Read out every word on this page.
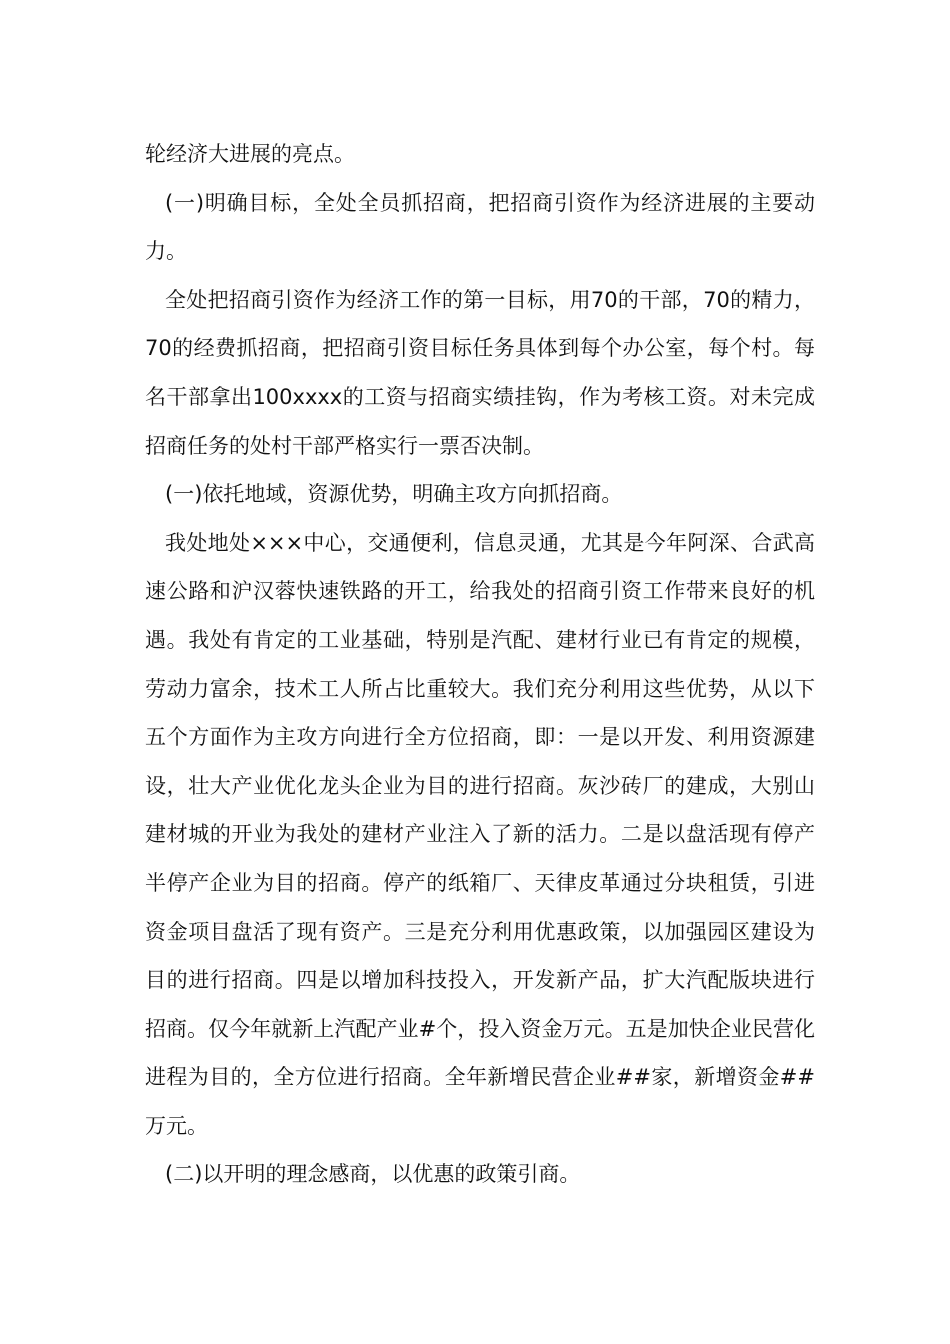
轮经济大进展的亮点。

(一)明确目标，全处全员抓招商，把招商引资作为经济进展的主要动力。

全处把招商引资作为经济工作的第一目标，用70的干部，70的精力，70的经费抓招商，把招商引资目标任务具体到每个办公室，每个村。每名干部拿出100xxxx的工资与招商实绩挂钩，作为考核工资。对未完成招商任务的处村干部严格实行一票否决制。

(一)依托地域，资源优势，明确主攻方向抓招商。

我处地处×××中心，交通便利，信息灵通，尤其是今年阿深、合武高速公路和沪汉蓉快速铁路的开工，给我处的招商引资工作带来良好的机遇。我处有肯定的工业基础，特别是汽配、建材行业已有肯定的规模，劳动力富余，技术工人所占比重较大。我们充分利用这些优势，从以下五个方面作为主攻方向进行全方位招商，即：一是以开发、利用资源建设，壮大产业优化龙头企业为目的进行招商。灰沙砖厂的建成，大别山建材城的开业为我处的建材产业注入了新的活力。二是以盘活现有停产半停产企业为目的招商。停产的纸箱厂、天律皮革通过分块租赁，引进资金项目盘活了现有资产。三是充分利用优惠政策，以加强园区建设为目的进行招商。四是以增加科技投入，开发新产品，扩大汽配版块进行招商。仅今年就新上汽配产业#个，投入资金万元。五是加快企业民营化进程为目的，全方位进行招商。全年新增民营企业##家，新增资金##万元。

(二)以开明的理念感商，以优惠的政策引商。
